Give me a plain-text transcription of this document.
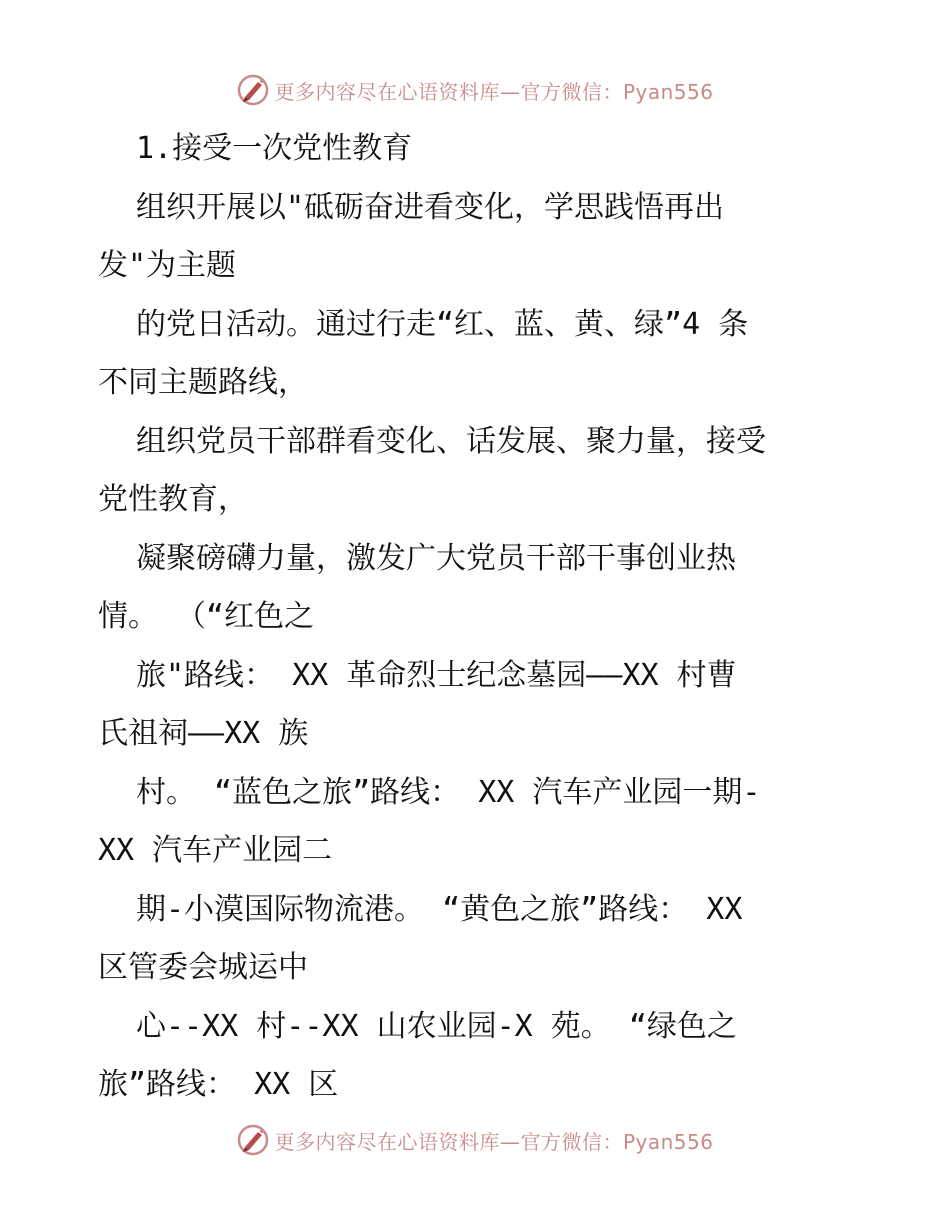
更多内容尽在心语资料库—官方微信：Pyan556
1.接受一次党性教育
组织开展以"砥砺奋进看变化，学思践悟再出
发"为主题
的党日活动。通过行走“红、蓝、黄、绿”4 条
不同主题路线，
组织党员干部群看变化、话发展、聚力量，接受
党性教育，
凝聚磅礴力量，激发广大党员干部干事创业热
情。 （“红色之
旅"路线： XX 革命烈士纪念墓园——XX 村曹
氏祖祠——XX 族
村。 “蓝色之旅”路线： XX 汽车产业园一期-
XX 汽车产业园二
期-小漠国际物流港。 “黄色之旅”路线： XX
区管委会城运中
心--XX 村--XX 山农业园-X 苑。 “绿色之
旅”路线： XX 区
更多内容尽在心语资料库—官方微信：Pyan556
